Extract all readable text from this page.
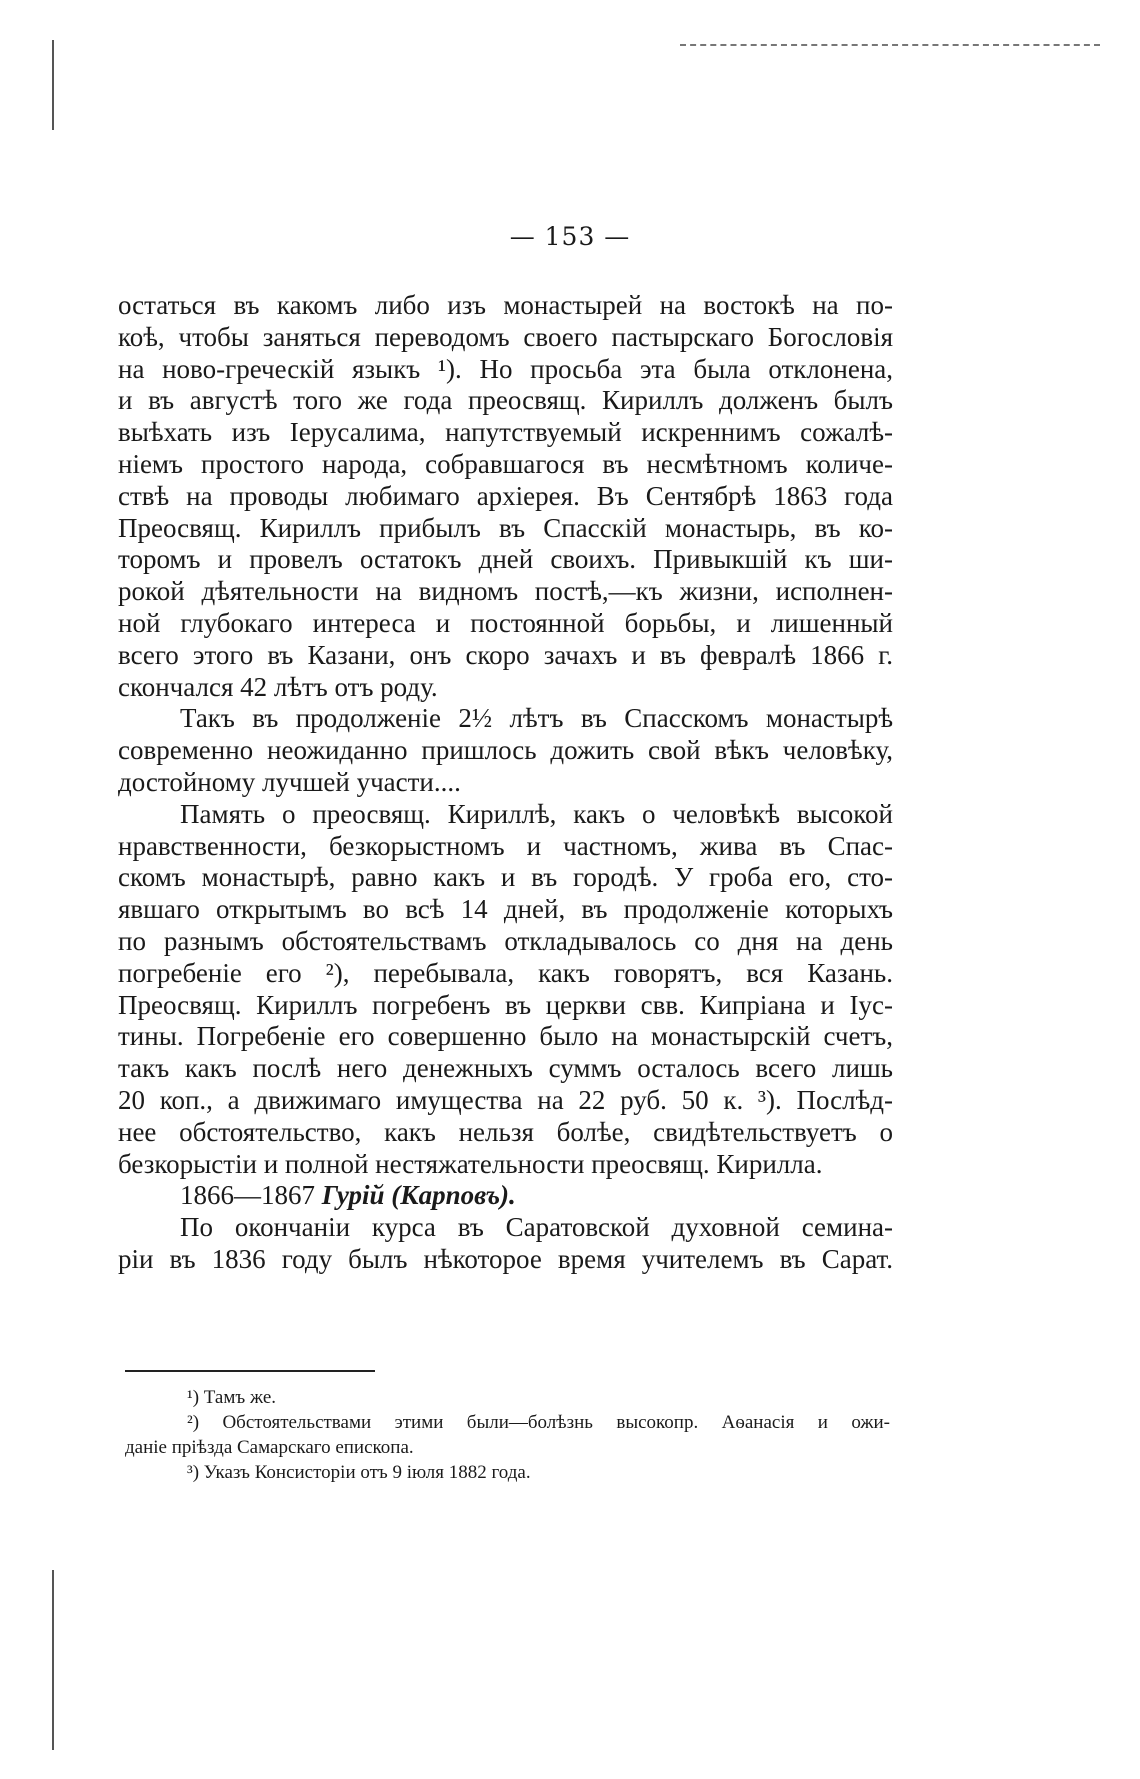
— 153 —
остаться въ какомъ либо изъ монастырей на востокѣ на по-
коѣ, чтобы заняться переводомъ своего пастырскаго Богословія
на ново-греческій языкъ ¹). Но просьба эта была отклонена,
и въ августѣ того же года преосвящ. Кириллъ долженъ былъ
выѣхать изъ Іерусалима, напутствуемый искреннимъ сожалѣ-
ніемъ простого народа, собравшагося въ несмѣтномъ количе-
ствѣ на проводы любимаго архіерея. Въ Сентябрѣ 1863 года
Преосвящ. Кириллъ прибылъ въ Спасскій монастырь, въ ко-
торомъ и провелъ остатокъ дней своихъ. Привыкшій къ ши-
рокой дѣятельности на видномъ постѣ,—къ жизни, исполнен-
ной глубокаго интереса и постоянной борьбы, и лишенный
всего этого въ Казани, онъ скоро зачахъ и въ февралѣ 1866 г.
скончался 42 лѣтъ отъ роду.
Такъ въ продолженіе 2½ лѣтъ въ Спасскомъ монастырѣ
современно неожиданно пришлось дожить свой вѣкъ человѣку,
достойному лучшей участи....
Память о преосвящ. Кириллѣ, какъ о человѣкѣ высокой
нравственности, безкорыстномъ и частномъ, жива въ Спас-
скомъ монастырѣ, равно какъ и въ городѣ. У гроба его, сто-
явшаго открытымъ во всѣ 14 дней, въ продолженіе которыхъ
по разнымъ обстоятельствамъ откладывалось со дня на день
погребеніе его ²), перебывала, какъ говорятъ, вся Казань.
Преосвящ. Кириллъ погребенъ въ церкви свв. Кипріана и Іус-
тины. Погребеніе его совершенно было на монастырскій счетъ,
такъ какъ послѣ него денежныхъ суммъ осталось всего лишь
20 коп., а движимаго имущества на 22 руб. 50 к. ³). Послѣд-
нее обстоятельство, какъ нельзя болѣе, свидѣтельствуетъ о
безкорыстіи и полной нестяжательности преосвящ. Кирилла.
1866—1867 Гурій (Карповъ).
По окончаніи курса въ Саратовской духовной семина-
ріи въ 1836 году былъ нѣкоторое время учителемъ въ Сарат.
¹) Тамъ же.
²) Обстоятельствами этими были—болѣзнь высокопр. Аѳанасія и ожи-
даніе пріѣзда Самарскаго епископа.
³) Указъ Консисторіи отъ 9 іюля 1882 года.
